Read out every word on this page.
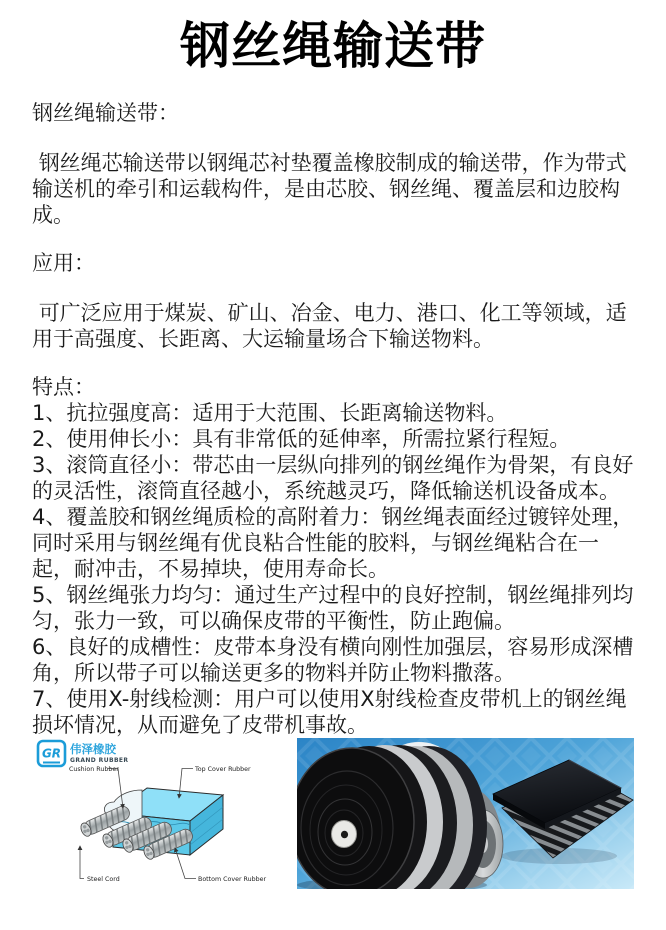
钢丝绳输送带

钢丝绳输送带：

钢丝绳芯输送带以钢绳芯衬垫覆盖橡胶制成的输送带，作为带式输送机的牵引和运载构件，是由芯胶、钢丝绳、覆盖层和边胶构成。

应用：

可广泛应用于煤炭、矿山、冶金、电力、港口、化工等领域，适用于高强度、长距离、大运输量场合下输送物料。

特点：

1、抗拉强度高：适用于大范围、长距离输送物料。

2、使用伸长小：具有非常低的延伸率，所需拉紧行程短。

3、滚筒直径小：带芯由一层纵向排列的钢丝绳作为骨架，有良好的灵活性，滚筒直径越小，系统越灵巧，降低输送机设备成本。

4、覆盖胶和钢丝绳质检的高附着力：钢丝绳表面经过镀锌处理，同时采用与钢丝绳有优良粘合性能的胶料，与钢丝绳粘合在一起，耐冲击，不易掉块，使用寿命长。

5、钢丝绳张力均匀：通过生产过程中的良好控制，钢丝绳排列均匀，张力一致，可以确保皮带的平衡性，防止跑偏。

6、良好的成槽性：皮带本身没有横向刚性加强层，容易形成深槽角，所以带子可以输送更多的物料并防止物料撒落。

7、使用X-射线检测：用户可以使用X射线检查皮带机上的钢丝绳损坏情况，从而避免了皮带机事故。

GR 伟泽橡胶
GRAND RUBBER
Cushion Rubber	Top Cover Rubber
Steel Cord	Bottom Cover Rubber
